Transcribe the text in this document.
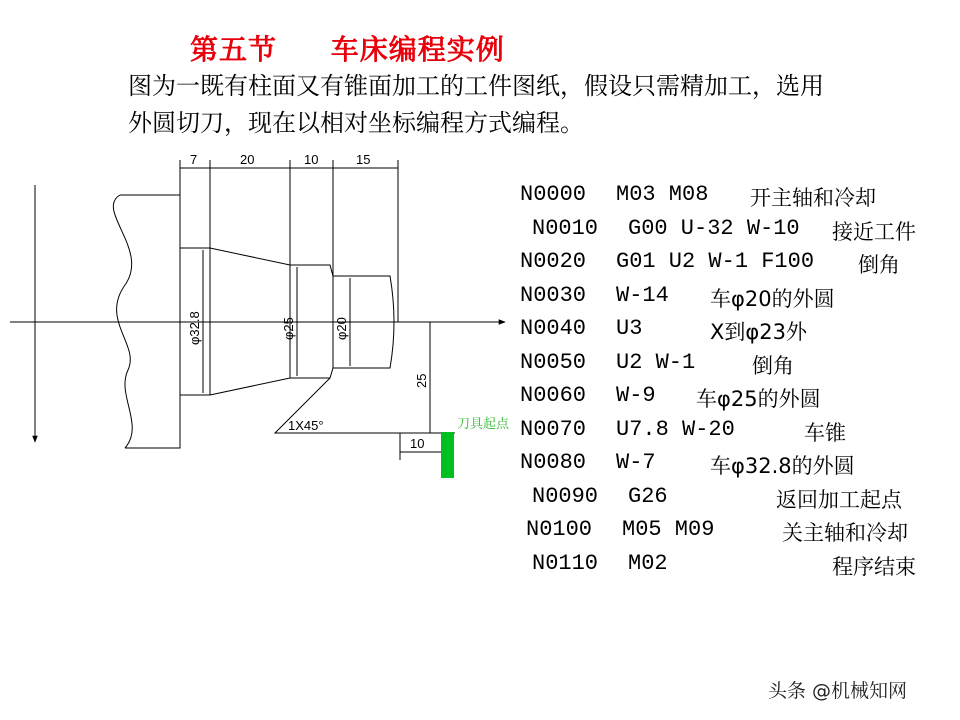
第五节     车床编程实例
图为一既有柱面又有锥面加工的工件图纸，假设只需精加工，选用
外圆切刀，现在以相对坐标编程方式编程。
7	20	10	15
φ32.8	φ25	φ20
25
10
1X45°	刀具起点
N0000 M03 M08 开主轴和冷却
N0010 G00 U-32 W-10 接近工件
N0020 G01 U2 W-1 F100 倒角
N0030 W-14 车φ20的外圆
N0040 U3	X到φ23外
N0050 U2 W-1	倒角
N0060 W-9 车φ25的外圆
N0070 U7.8 W-20	车锥
N0080 W-7	车φ32.8的外圆
N0090 G26	返回加工起点
N0100 M05 M09	关主轴和冷却
N0110 M02	程序结束
头条 @机械知网
